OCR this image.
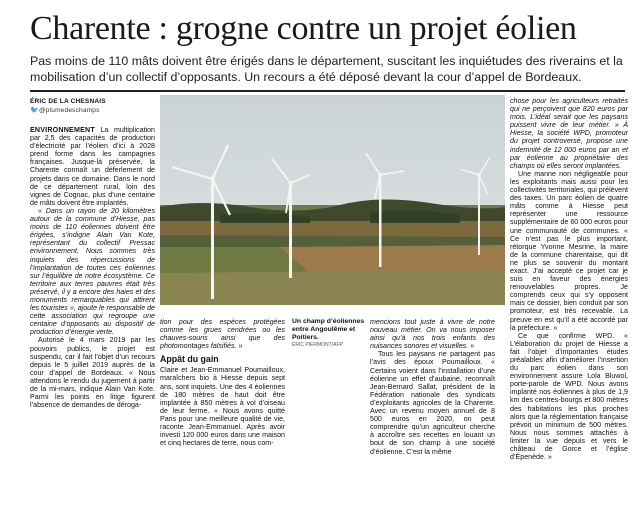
Charente : grogne contre un projet éolien
Pas moins de 110 mâts doivent être érigés dans le département, suscitant les inquiétudes des riverains et la mobilisation d’un collectif d’opposants. Un recours a été déposé devant la cour d’appel de Bordeaux.
ÉRIC DE LA CHESNAIS
🐦 @plumedeschamps

ENVIRONNEMENT La multiplication par 2,5 des capacités de production d’électricité par l’éolien d’ici à 2028 prend forme dans les campagnes françaises. Jusque-là préservée, la Charente connaît un déferlement de projets dans ce domaine. Dans le nord de ce département rural, loin des vignes de Cognac, plus d’une centaine de mâts doivent être implantés.

« Dans un rayon de 20 kilomètres autour de la commune d’Hiesse, pas moins de 110 éoliennes doivent être érigées, s’indigne Alain Van Kote, représentant du collectif Pressac environnement. Nous sommes très inquiets des répercussions de l’implantation de toutes ces éoliennes sur l’équilibre de notre écosystème. Ce territoire aux terres pauvres était très préservé, il y a encore des haies et des monuments remarquables qui attirent les touristes », ajoute le responsable de cette association qui regroupe une centaine d’opposants au dispositif de production d’énergie verte.

Autorisé le 4 mars 2019 par les pouvoirs publics, le projet est suspendu, car il fait l’objet d’un recours depuis le 5 juillet 2019 auprès de la cour d’appel de Bordeaux. « Nous attendons le rendu du jugement à partir de la mi-mars, indique Alain Van Kote. Parmi les points en litige figurent l’absence de demandes de déroga-

tion pour des espèces protégées comme les grues cendrées ou les chauves-souris ainsi que des photomontages falsifiés. »

Appât du gain

Claire et Jean-Emmanuel Poumailloux, maraîchers bio à Hiesse depuis sept ans, sont inquiets. Une des 4 éoliennes de 180 mètres de haut doit être implantée à 850 mètres à vol d’oiseau de leur ferme. « Nous avons quitté Paris pour une meilleure qualité de vie, raconte Jean-Emmanuel. Après avoir investi 120 000 euros dans une maison et cinq hectares de terre, nous com-

Un champ d’éoliennes entre Angoulême et Poitiers.
ÉRIC PIERMONT/AFP

mencions tout juste à vivre de notre nouveau métier. On va nous imposer ainsi qu’à nos trois enfants des nuisances sonores et visuelles. »

Tous les paysans ne partagent pas l’avis des époux Poumailloux. « Certains voient dans l’installation d’une éolienne un effet d’aubaine, reconnaît Jean-Bernard Sallat, président de la Fédération nationale des syndicats d’exploitants agricoles de la Charente. Avec un revenu moyen annuel de 8 500 euros en 2020, on peut comprendre qu’un agriculteur cherche à accroître ses recettes en louant un bout de son champ à une société d’éolienne. C’est la même

chose pour les agriculteurs retraités qui ne perçoivent que 820 euros par mois. L’idéal serait que les paysans puissent vivre de leur métier. » À Hiesse, la société WPD, promoteur du projet controversé, propose une indemnité de 12 000 euros par an et par éolienne au propriétaire des champs où elles seront implantées.

Une manne non négligeable pour les exploitants mais aussi pour les collectivités territoriales, qui prélèvent des taxes. Un parc éolien de quatre mâts comme à Hiesse peut représenter une ressource supplémentaire de 60 000 euros pour une communauté de communes. « Ce n’est pas le plus important, rétorque Yvonne Mesrine, la maire de la commune charentaise, qui dit ne plus se souvenir du montant exact. J’ai accepté ce projet car je suis en faveur des énergies renouvelables propres. Je comprends ceux qui s’y opposent mais ce dossier, bien conduit par son promoteur, est très recevable. La preuve en est qu’il a été accordé par la préfecture. »

Ce que confirme WPD. « L’élaboration du projet de Hiesse a fait l’objet d’importantes études préalables afin d’améliorer l’insertion du parc éolien dans son environnement assure Lola Bluwol, porte-parole de WPD. Nous avons implanté nos éoliennes à plus de 1,9 km des centres-bourgs et 800 mètres des habitations les plus proches alors que la réglementation française prévoit un minimum de 500 mètres. Nous nous sommes attachés à limiter la vue depuis et vers le château de Gorce et l’église d’Épenède. »
